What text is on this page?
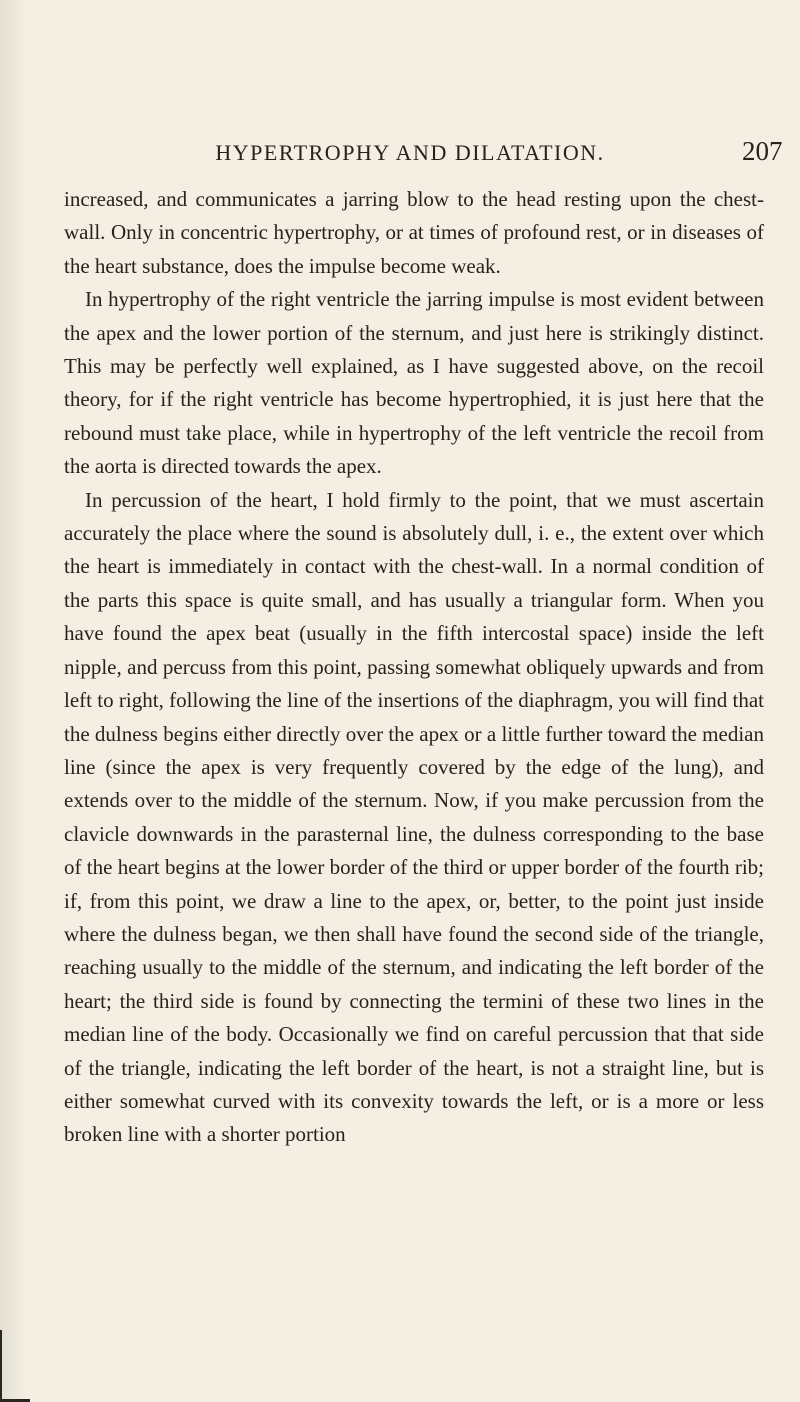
HYPERTROPHY AND DILATATION.	207

increased, and communicates a jarring blow to the head resting upon the chest-wall. Only in concentric hypertrophy, or at times of profound rest, or in diseases of the heart substance, does the impulse become weak.

In hypertrophy of the right ventricle the jarring impulse is most evident between the apex and the lower portion of the sternum, and just here is strikingly distinct. This may be perfectly well explained, as I have suggested above, on the recoil theory, for if the right ventricle has become hypertrophied, it is just here that the rebound must take place, while in hypertrophy of the left ventricle the recoil from the aorta is directed towards the apex.

In percussion of the heart, I hold firmly to the point, that we must ascertain accurately the place where the sound is absolutely dull, i. e., the extent over which the heart is immediately in contact with the chest-wall. In a normal condition of the parts this space is quite small, and has usually a triangular form. When you have found the apex beat (usually in the fifth intercostal space) inside the left nipple, and percuss from this point, passing somewhat obliquely upwards and from left to right, following the line of the insertions of the diaphragm, you will find that the dulness begins either directly over the apex or a little further toward the median line (since the apex is very frequently covered by the edge of the lung), and extends over to the middle of the sternum. Now, if you make percussion from the clavicle downwards in the parasternal line, the dulness corresponding to the base of the heart begins at the lower border of the third or upper border of the fourth rib; if, from this point, we draw a line to the apex, or, better, to the point just inside where the dulness began, we then shall have found the second side of the triangle, reaching usually to the middle of the sternum, and indicating the left border of the heart; the third side is found by connecting the termini of these two lines in the median line of the body. Occasionally we find on careful percussion that that side of the triangle, indicating the left border of the heart, is not a straight line, but is either somewhat curved with its convexity towards the left, or is a more or less broken line with a shorter portion
